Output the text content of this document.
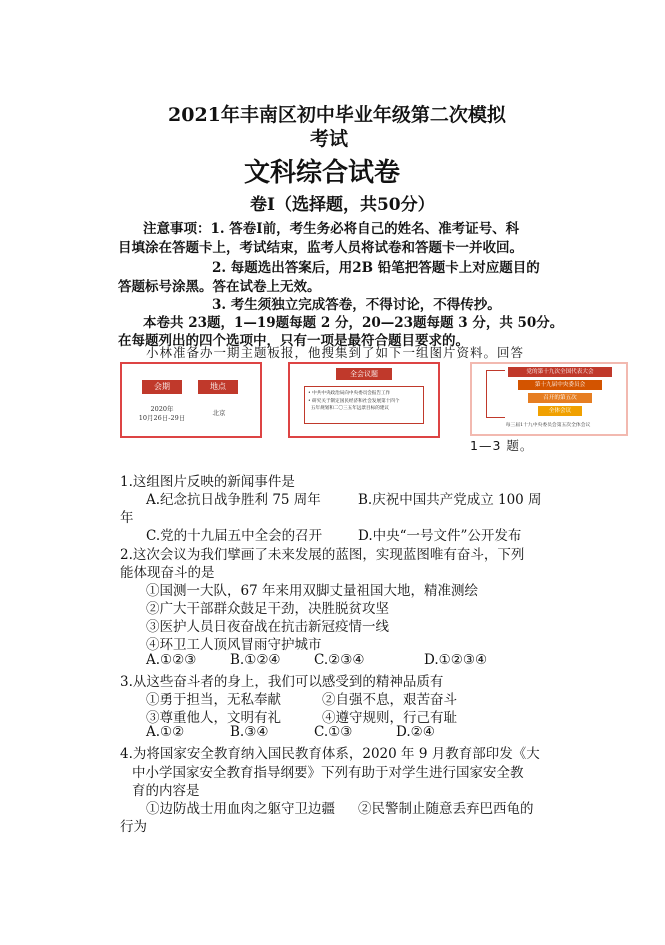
2021年丰南区初中毕业年级第二次模拟
考试
文科综合试卷
卷Ⅰ（选择题，共50分）
注意事项：1. 答卷Ⅰ前，考生务必将自己的姓名、准考证号、科
目填涂在答题卡上，考试结束，监考人员将试卷和答题卡一并收回。
2. 每题选出答案后，用2B 铅笔把答题卡上对应题目的
答题标号涂黑。答在试卷上无效。
3. 考生须独立完成答卷，不得讨论，不得传抄。
本卷共 23题，1—19题每题 2 分，20—23题每题 3 分，共 50分。
在每题列出的四个选项中，只有一项是最符合题目要求的。
小林准备办一期主题板报，他搜集到了如下一组图片资料。回答
会期	地点
2020年
10月26日-29日
北京
全会议题
• 中共中央政治局向中央委员会报告工作
• 研究关于制定国民经济和社会发展第十四个
五年规划和二〇三五年远景目标的建议
党的第十九次全国代表大会
第十九届中央委员会
召开的第五次
全体会议
每三届1十九中央委员会第五次全体会议
1—3 题。
1.这组图片反映的新闻事件是
A.纪念抗日战争胜利 75 周年	B.庆祝中国共产党成立 100 周
年
C.党的十九届五中全会的召开	D.中央“一号文件”公开发布
2.这次会议为我们擘画了未来发展的蓝图，实现蓝图唯有奋斗，下列
能体现奋斗的是
①国测一大队，67 年来用双脚丈量祖国大地，精准测绘
②广大干部群众鼓足干劲，决胜脱贫攻坚
③医护人员日夜奋战在抗击新冠疫情一线
④环卫工人顶风冒雨守护城市
A.①②③ B.①②④ C.②③④	D.①②③④
3.从这些奋斗者的身上，我们可以感受到的精神品质有
①勇于担当，无私奉献	②自强不息，艰苦奋斗
③尊重他人，文明有礼	④遵守规则，行己有耻
A.①②	B.③④	C.①③	D.②④
4.为将国家安全教育纳入国民教育体系，2020 年 9 月教育部印发《大
中小学国家安全教育指导纲要》下列有助于对学生进行国家安全教
育的内容是
①边防战士用血肉之躯守卫边疆 ②民警制止随意丢弃巴西龟的
行为
